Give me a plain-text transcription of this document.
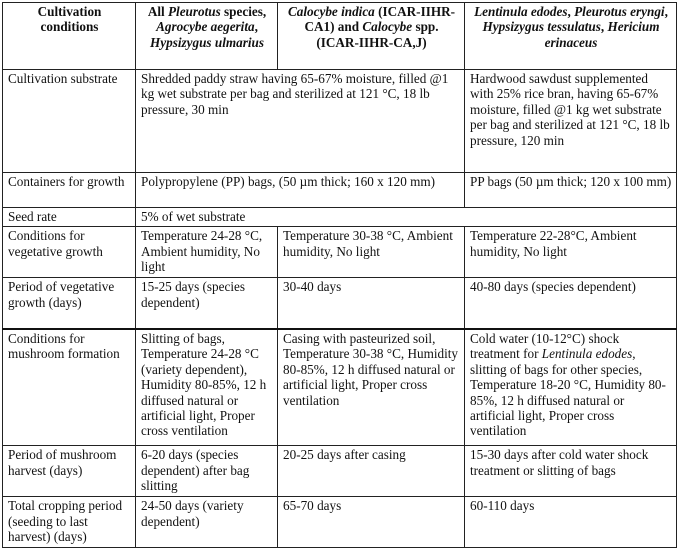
Cultivation conditions	All Pleurotus species, Agrocybe aegerita, Hypsizygus ulmarius	Calocybe indica (ICAR-IIHR-CA1) and Calocybe spp. (ICAR-IIHR-CA,J)	Lentinula edodes, Pleurotus eryngi, Hypsizygus tessulatus, Hericium erinaceus
Cultivation substrate	Shredded paddy straw having 65-67% moisture, filled @1 kg wet substrate per bag and sterilized at 121 °C, 18 lb pressure, 30 min		Hardwood sawdust supplemented with 25% rice bran, having 65-67% moisture, filled @1 kg wet substrate per bag and sterilized at 121 °C, 18 lb pressure, 120 min
Containers for growth	Polypropylene (PP) bags, (50 µm thick; 160 x 120 mm)		PP bags (50 µm thick; 120 x 100 mm)
Seed rate	5% of wet substrate		
Conditions for vegetative growth	Temperature 24-28 °C, Ambient humidity, No light	Temperature 30-38 °C, Ambient humidity, No light	Temperature 22-28°C, Ambient humidity, No light
Period of vegetative growth (days)	15-25 days (species dependent)	30-40 days	40-80 days (species dependent)
Conditions for mushroom formation	Slitting of bags, Temperature 24-28 °C (variety dependent), Humidity 80-85%, 12 h diffused natural or artificial light, Proper cross ventilation	Casing with pasteurized soil, Temperature 30-38 °C, Humidity 80-85%, 12 h diffused natural or artificial light, Proper cross ventilation	Cold water (10-12°C) shock treatment for Lentinula edodes, slitting of bags for other species, Temperature 18-20 °C, Humidity 80-85%, 12 h diffused natural or artificial light, Proper cross ventilation
Period of mushroom harvest (days)	6-20 days (species dependent) after bag slitting	20-25 days after casing	15-30 days after cold water shock treatment or slitting of bags
Total cropping period (seeding to last harvest) (days)	24-50 days (variety dependent)	65-70 days	60-110 days
